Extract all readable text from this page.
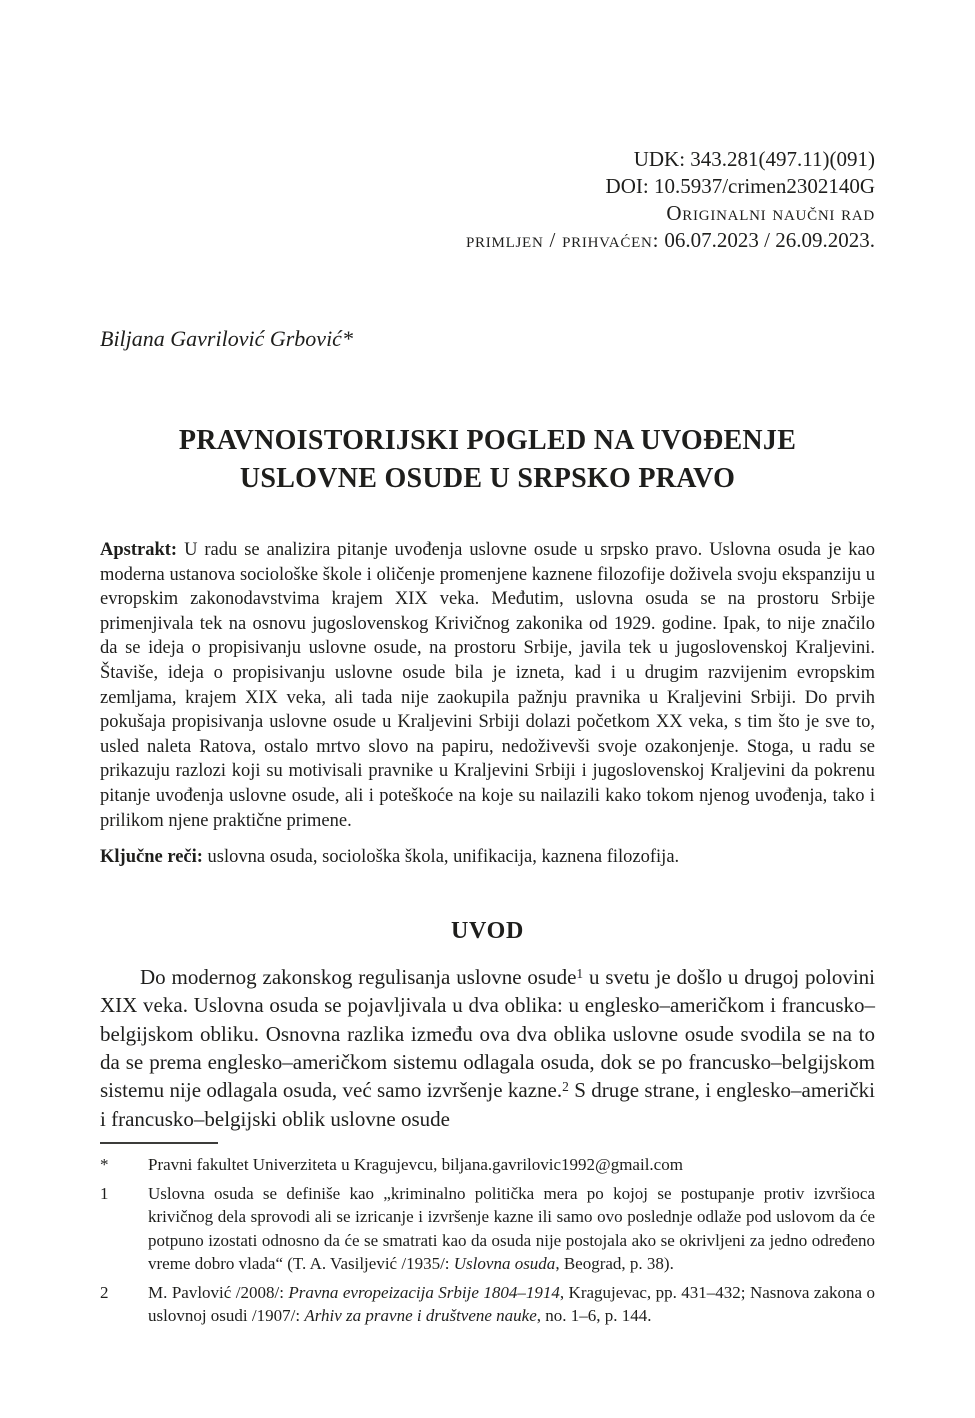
UDK: 343.281(497.11)(091)
DOI: 10.5937/crimen2302140G
Originalni naučni rad
primljen / prihvaćen: 06.07.2023 / 26.09.2023.
Biljana Gavrilović Grbović*
PRAVNOISTORIJSKI POGLED NA UVOĐENJE
USLOVNE OSUDE U SRPSKO PRAVO

Apstrakt: U radu se analizira pitanje uvođenja uslovne osude u srpsko pravo. Uslovna osuda je kao moderna ustanova sociološke škole i oličenje promenjene kaznene filozofije doživela svoju ekspanziju u evropskim zakonodavstvima krajem XIX veka. Međutim, uslovna osuda se na prostoru Srbije primenjivala tek na osnovu jugoslovenskog Krivičnog zakonika od 1929. godine. Ipak, to nije značilo da se ideja o propisivanju uslovne osude, na prostoru Srbije, javila tek u jugoslovenskoj Kraljevini. Štaviše, ideja o propisivanju uslovne osude bila je izneta, kad i u drugim razvijenim evropskim zemljama, krajem XIX veka, ali tada nije zaokupila pažnju pravnika u Kraljevini Srbiji. Do prvih pokušaja propisivanja uslovne osude u Kraljevini Srbiji dolazi početkom XX veka, s tim što je sve to, usled naleta Ratova, ostalo mrtvo slovo na papiru, nedoživevši svoje ozakonjenje. Stoga, u radu se prikazuju razlozi koji su motivisali pravnike u Kraljevini Srbiji i jugoslovenskoj Kraljevini da pokrenu pitanje uvođenja uslovne osude, ali i poteškoće na koje su nailazili kako tokom njenog uvođenja, tako i prilikom njene praktične primene.

Ključne reči: uslovna osuda, sociološka škola, unifikacija, kaznena filozofija.

UVOD

Do modernog zakonskog regulisanja uslovne osude$^1$ u svetu je došlo u drugoj polovini XIX veka. Uslovna osuda se pojavljivala u dva oblika: u englesko–američkom i francusko–belgijskom obliku. Osnovna razlika između ova dva oblika uslovne osude svodila se na to da se prema englesko–američkom sistemu odlagala osuda, dok se po francusko–belgijskom sistemu nije odlagala osuda, već samo izvršenje kazne.$^2$ S druge strane, i englesko–američki i francusko–belgijski oblik uslovne osude

*	Pravni fakultet Univerziteta u Kragujevcu, biljana.gavrilovic1992@gmail.com
1	Uslovna osuda se definiše kao „kriminalno politička mera po kojoj se postupanje protiv izvršioca krivičnog dela sprovodi ali se izricanje i izvršenje kazne ili samo ovo poslednje odlaže pod uslovom da će potpuno izostati odnosno da će se smatrati kao da osuda nije postojala ako se okrivljeni za jedno određeno vreme dobro vlada“ (T. A. Vasiljević /1935/: Uslovna osuda, Beograd, p. 38).
2	M. Pavlović /2008/: Pravna evropeizacija Srbije 1804–1914, Kragujevac, pp. 431–432; Nasnova zakona o uslovnoj osudi /1907/: Arhiv za pravne i društvene nauke, no. 1–6, p. 144.
